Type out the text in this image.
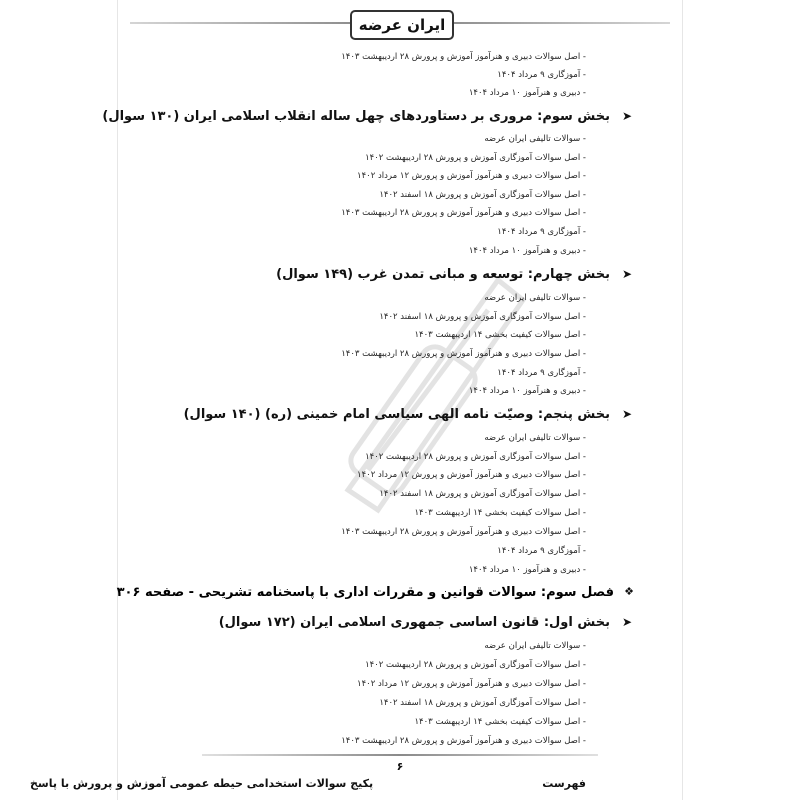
ایران عرضه
- اصل سوالات دبیری و هنرآموز آموزش و پرورش ۲۸ اردیبهشت ۱۴۰۳
- آموزگاری ۹ مرداد ۱۴۰۴
- دبیری و هنرآموز ۱۰ مرداد ۱۴۰۴
➤
بخش سوم: مروری بر دستاوردهای چهل ساله انقلاب اسلامی ایران (۱۳۰ سوال)
- سوالات تالیفی ایران عرضه
- اصل سوالات آموزگاری آموزش و پرورش ۲۸ اردیبهشت ۱۴۰۲
- اصل سوالات دبیری و هنرآموز آموزش و پرورش ۱۲ مرداد ۱۴۰۲
- اصل سوالات آموزگاری آموزش و پرورش ۱۸ اسفند ۱۴۰۲
- اصل سوالات دبیری و هنرآموز آموزش و پرورش ۲۸ اردیبهشت ۱۴۰۳
- آموزگاری ۹ مرداد ۱۴۰۴
- دبیری و هنرآموز ۱۰ مرداد ۱۴۰۴
➤
بخش چهارم: توسعه و مبانی تمدن غرب (۱۴۹ سوال)
- سوالات تالیفی ایران عرضه
- اصل سوالات آموزگاری آموزش و پرورش ۱۸ اسفند ۱۴۰۲
- اصل سوالات کیفیت بخشی ۱۴ اردیبهشت ۱۴۰۳
- اصل سوالات دبیری و هنرآموز آموزش و پرورش ۲۸ اردیبهشت ۱۴۰۳
- آموزگاری ۹ مرداد ۱۴۰۴
- دبیری و هنرآموز ۱۰ مرداد ۱۴۰۴
➤
بخش پنجم: وصیّت نامه الهی سیاسی امام خمینی (ره) (۱۴۰ سوال)
- سوالات تالیفی ایران عرضه
- اصل سوالات آموزگاری آموزش و پرورش ۲۸ اردیبهشت ۱۴۰۲
- اصل سوالات دبیری و هنرآموز آموزش و پرورش ۱۲ مرداد ۱۴۰۲
- اصل سوالات آموزگاری آموزش و پرورش ۱۸ اسفند ۱۴۰۲
- اصل سوالات کیفیت بخشی ۱۴ اردیبهشت ۱۴۰۳
- اصل سوالات دبیری و هنرآموز آموزش و پرورش ۲۸ اردیبهشت ۱۴۰۳
- آموزگاری ۹ مرداد ۱۴۰۴
- دبیری و هنرآموز ۱۰ مرداد ۱۴۰۴
❖
فصل سوم: سوالات قوانین و مقررات اداری با پاسخنامه تشریحی - صفحه ۳۰۶
➤
بخش اول: قانون اساسی جمهوری اسلامی ایران (۱۷۲ سوال)
- سوالات تالیفی ایران عرضه
- اصل سوالات آموزگاری آموزش و پرورش ۲۸ اردیبهشت ۱۴۰۲
- اصل سوالات دبیری و هنرآموز آموزش و پرورش ۱۲ مرداد ۱۴۰۲
- اصل سوالات آموزگاری آموزش و پرورش ۱۸ اسفند ۱۴۰۲
- اصل سوالات کیفیت بخشی ۱۴ اردیبهشت ۱۴۰۳
- اصل سوالات دبیری و هنرآموز آموزش و پرورش ۲۸ اردیبهشت ۱۴۰۳
۶
فهرست
پکیج سوالات استخدامی حیطه عمومی آموزش و پرورش با پاسخ
